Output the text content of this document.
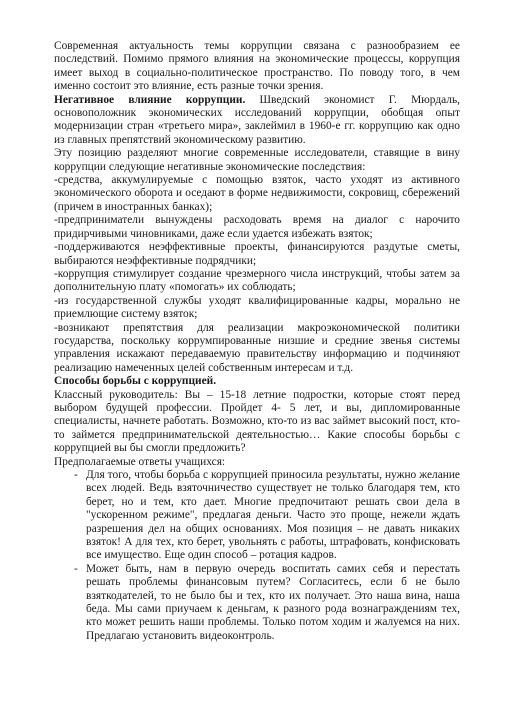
Современная актуальность темы коррупции связана с разнообразием ее последствий. Помимо прямого влияния на экономические процессы, коррупция имеет выход в социально-политическое пространство. По поводу того, в чем именно состоит это влияние, есть разные точки зрения.

Негативное влияние коррупции. Шведский экономист Г. Мюрдаль, основоположник экономических исследований коррупции, обобщая опыт модернизации стран «третьего мира», заклеймил в 1960-е гг. коррупцию как одно из главных препятствий экономическому развитию.

Эту позицию разделяют многие современные исследователи, ставящие в вину коррупции следующие негативные экономические последствия:

-средства, аккумулируемые с помощью взяток, часто уходят из активного экономического оборота и оседают в форме недвижимости, сокровищ, сбережений (причем в иностранных банках);

-предприниматели вынуждены расходовать время на диалог с нарочито придирчивыми чиновниками, даже если удается избежать взяток;

-поддерживаются неэффективные проекты, финансируются раздутые сметы, выбираются неэффективные подрядчики;

-коррупция стимулирует создание чрезмерного числа инструкций, чтобы затем за дополнительную плату «помогать» их соблюдать;

-из государственной службы уходят квалифицированные кадры, морально не приемлющие систему взяток;

-возникают препятствия для реализации макроэкономической политики государства, поскольку коррумпированные низшие и средние звенья системы управления искажают передаваемую правительству информацию и подчиняют реализацию намеченных целей собственным интересам и т.д.

Способы борьбы с коррупцией.

Классный руководитель: Вы – 15-18 летние подростки, которые стоят перед выбором будущей профессии. Пройдет 4- 5 лет, и вы, дипломированные специалисты, начнете работать. Возможно, кто-то из вас займет высокий пост, кто-то займется предпринимательской деятельностью… Какие способы борьбы с коррупцией вы бы смогли предложить?

Предполагаемые ответы учащихся:

- Для того, чтобы борьба с коррупцией приносила результаты, нужно желание всех людей. Ведь взяточничество существует не только благодаря тем, кто берет, но и тем, кто дает. Многие предпочитают решать свои дела в "ускоренном режиме", предлагая деньги. Часто это проще, нежели ждать разрешения дел на общих основаниях. Моя позиция – не давать никаких взяток! А для тех, кто берет, увольнять с работы, штрафовать, конфисковать все имущество. Еще один способ – ротация кадров.
- Может быть, нам в первую очередь воспитать самих себя и перестать решать проблемы финансовым путем? Согласитесь, если б не было взяткодателей, то не было бы и тех, кто их получает. Это наша вина, наша беда. Мы сами приучаем к деньгам, к разного рода вознаграждениям тех, кто может решить наши проблемы. Только потом ходим и жалуемся на них. Предлагаю установить видеоконтроль.
